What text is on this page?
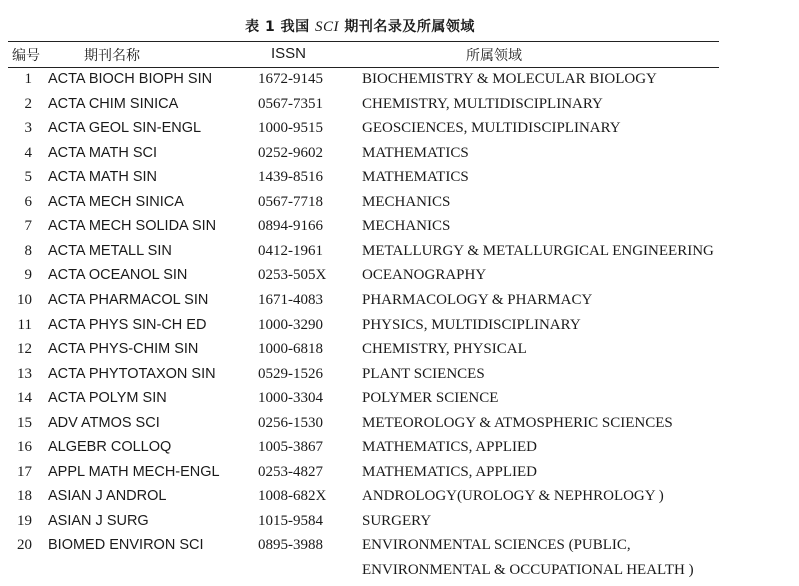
表 1 我国 SCI 期刊名录及所属领域
编号	期刊名称	ISSN	所属领域
1 ACTA BIOCH BIOPH SIN	1672-9145	BIOCHEMISTRY & MOLECULAR BIOLOGY
2 ACTA CHIM SINICA	0567-7351	CHEMISTRY, MULTIDISCIPLINARY
3 ACTA GEOL SIN-ENGL	1000-9515	GEOSCIENCES, MULTIDISCIPLINARY
4 ACTA MATH SCI	0252-9602	MATHEMATICS
5 ACTA MATH SIN	1439-8516	MATHEMATICS
6 ACTA MECH SINICA	0567-7718	MECHANICS
7 ACTA MECH SOLIDA SIN	0894-9166	MECHANICS
8 ACTA METALL SIN	0412-1961	METALLURGY & METALLURGICAL ENGINEERING
9 ACTA OCEANOL SIN	0253-505X OCEANOGRAPHY
10 ACTA PHARMACOL SIN	1671-4083	PHARMACOLOGY & PHARMACY
11 ACTA PHYS SIN-CH ED	1000-3290	PHYSICS, MULTIDISCIPLINARY
12 ACTA PHYS-CHIM SIN	1000-6818	CHEMISTRY, PHYSICAL
13 ACTA PHYTOTAXON SIN	0529-1526	PLANT SCIENCES
14 ACTA POLYM SIN	1000-3304	POLYMER SCIENCE
15 ADV ATMOS SCI	0256-1530	METEOROLOGY & ATMOSPHERIC SCIENCES
16 ALGEBR COLLOQ	1005-3867	MATHEMATICS, APPLIED
17 APPL MATH MECH-ENGL	0253-4827	MATHEMATICS, APPLIED
18 ASIAN J ANDROL	1008-682X ANDROLOGY(UROLOGY & NEPHROLOGY )
19 ASIAN J SURG	1015-9584	SURGERY
20 BIOMED ENVIRON SCI	0895-3988	ENVIRONMENTAL SCIENCES (PUBLIC,
ENVIRONMENTAL & OCCUPATIONAL HEALTH )
